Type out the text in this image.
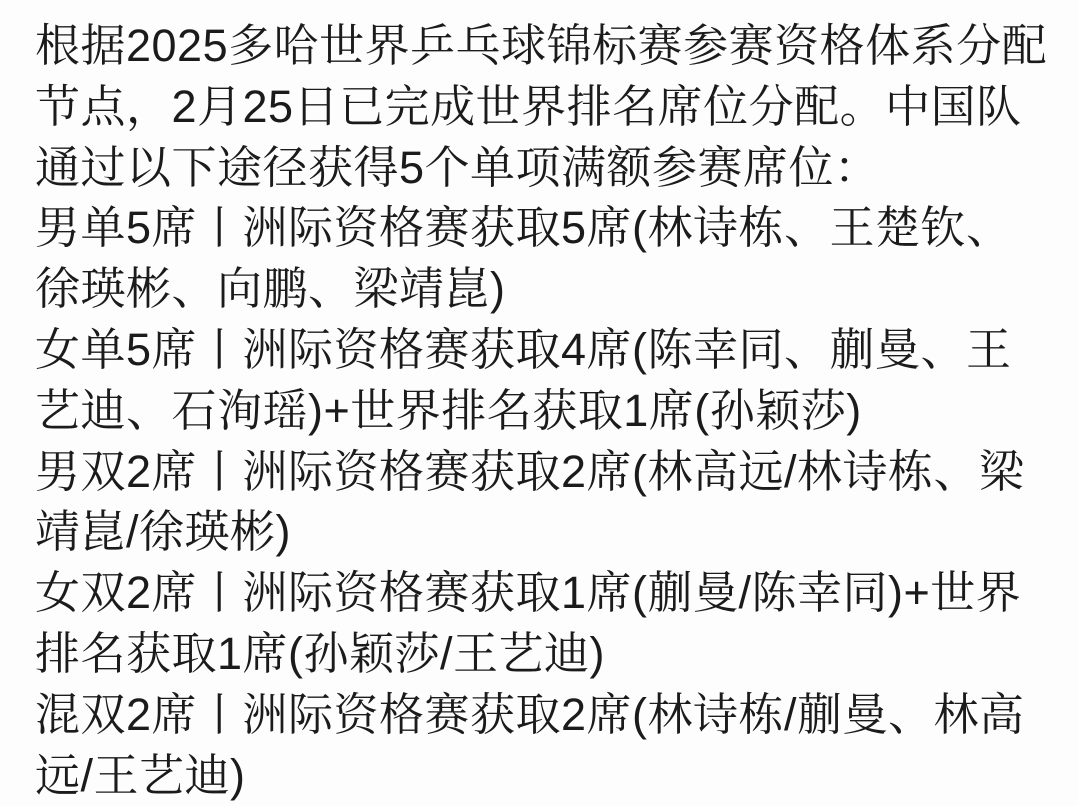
根据2025多哈世界乒乓球锦标赛参赛资格体系分配
节点，2月25日已完成世界排名席位分配。中国队
通过以下途径获得5个单项满额参赛席位：
男单5席丨洲际资格赛获取5席(林诗栋、王楚钦、
徐瑛彬、向鹏、梁靖崑)
女单5席丨洲际资格赛获取4席(陈幸同、蒯曼、王
艺迪、石洵瑶)+世界排名获取1席(孙颖莎)
男双2席丨洲际资格赛获取2席(林高远/林诗栋、梁
靖崑/徐瑛彬)
女双2席丨洲际资格赛获取1席(蒯曼/陈幸同)+世界
排名获取1席(孙颖莎/王艺迪)
混双2席丨洲际资格赛获取2席(林诗栋/蒯曼、林高
远/王艺迪)
